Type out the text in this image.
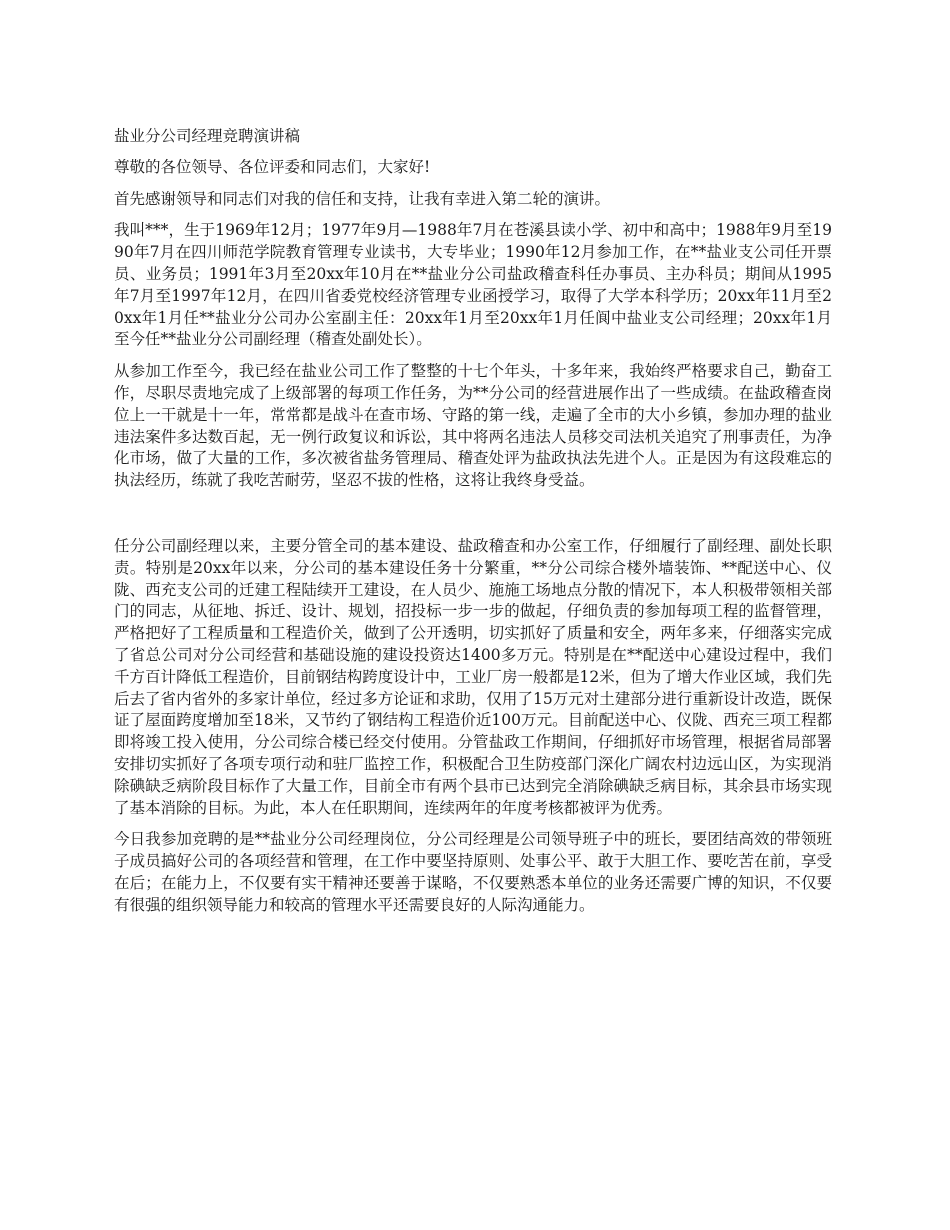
盐业分公司经理竞聘演讲稿

尊敬的各位领导、各位评委和同志们，大家好!

首先感谢领导和同志们对我的信任和支持，让我有幸进入第二轮的演讲。

我叫***，生于1969年12月；1977年9月—1988年7月在苍溪县读小学、初中和高中；1988年9月至1990年7月在四川师范学院教育管理专业读书，大专毕业；1990年12月参加工作，在**盐业支公司任开票员、业务员；1991年3月至20xx年10月在**盐业分公司盐政稽查科任办事员、主办科员；期间从1995年7月至1997年12月，在四川省委党校经济管理专业函授学习，取得了大学本科学历；20xx年11月至20xx年1月任**盐业分公司办公室副主任：20xx年1月至20xx年1月任阆中盐业支公司经理；20xx年1月至今任**盐业分公司副经理（稽查处副处长）。

从参加工作至今，我已经在盐业公司工作了整整的十七个年头，十多年来，我始终严格要求自己，勤奋工作，尽职尽责地完成了上级部署的每项工作任务，为**分公司的经营进展作出了一些成绩。在盐政稽查岗位上一干就是十一年，常常都是战斗在查市场、守路的第一线，走遍了全市的大小乡镇，参加办理的盐业违法案件多达数百起，无一例行政复议和诉讼，其中将两名违法人员移交司法机关追究了刑事责任，为净化市场，做了大量的工作，多次被省盐务管理局、稽查处评为盐政执法先进个人。正是因为有这段难忘的执法经历，练就了我吃苦耐劳，坚忍不拔的性格，这将让我终身受益。

任分公司副经理以来，主要分管全司的基本建设、盐政稽查和办公室工作，仔细履行了副经理、副处长职责。特别是20xx年以来，分公司的基本建设任务十分繁重，**分公司综合楼外墙装饰、**配送中心、仪陇、西充支公司的迁建工程陆续开工建设，在人员少、施施工场地点分散的情况下，本人积极带领相关部门的同志，从征地、拆迁、设计、规划，招投标一步一步的做起，仔细负责的参加每项工程的监督管理，严格把好了工程质量和工程造价关，做到了公开透明，切实抓好了质量和安全，两年多来，仔细落实完成了省总公司对分公司经营和基础设施的建设投资达1400多万元。特别是在**配送中心建设过程中，我们千方百计降低工程造价，目前钢结构跨度设计中，工业厂房一般都是12米，但为了增大作业区域，我们先后去了省内省外的多家计单位，经过多方论证和求助，仅用了15万元对土建部分进行重新设计改造，既保证了屋面跨度增加至18米，又节约了钢结构工程造价近100万元。目前配送中心、仪陇、西充三项工程都即将竣工投入使用，分公司综合楼已经交付使用。分管盐政工作期间，仔细抓好市场管理，根据省局部署安排切实抓好了各项专项行动和驻厂监控工作，积极配合卫生防疫部门深化广阔农村边远山区，为实现消除碘缺乏病阶段目标作了大量工作，目前全市有两个县市已达到完全消除碘缺乏病目标，其余县市场实现了基本消除的目标。为此，本人在任职期间，连续两年的年度考核都被评为优秀。

今日我参加竞聘的是**盐业分公司经理岗位，分公司经理是公司领导班子中的班长，要团结高效的带领班子成员搞好公司的各项经营和管理，在工作中要坚持原则、处事公平、敢于大胆工作、要吃苦在前，享受在后；在能力上，不仅要有实干精神还要善于谋略，不仅要熟悉本单位的业务还需要广博的知识，不仅要有很强的组织领导能力和较高的管理水平还需要良好的人际沟通能力。
